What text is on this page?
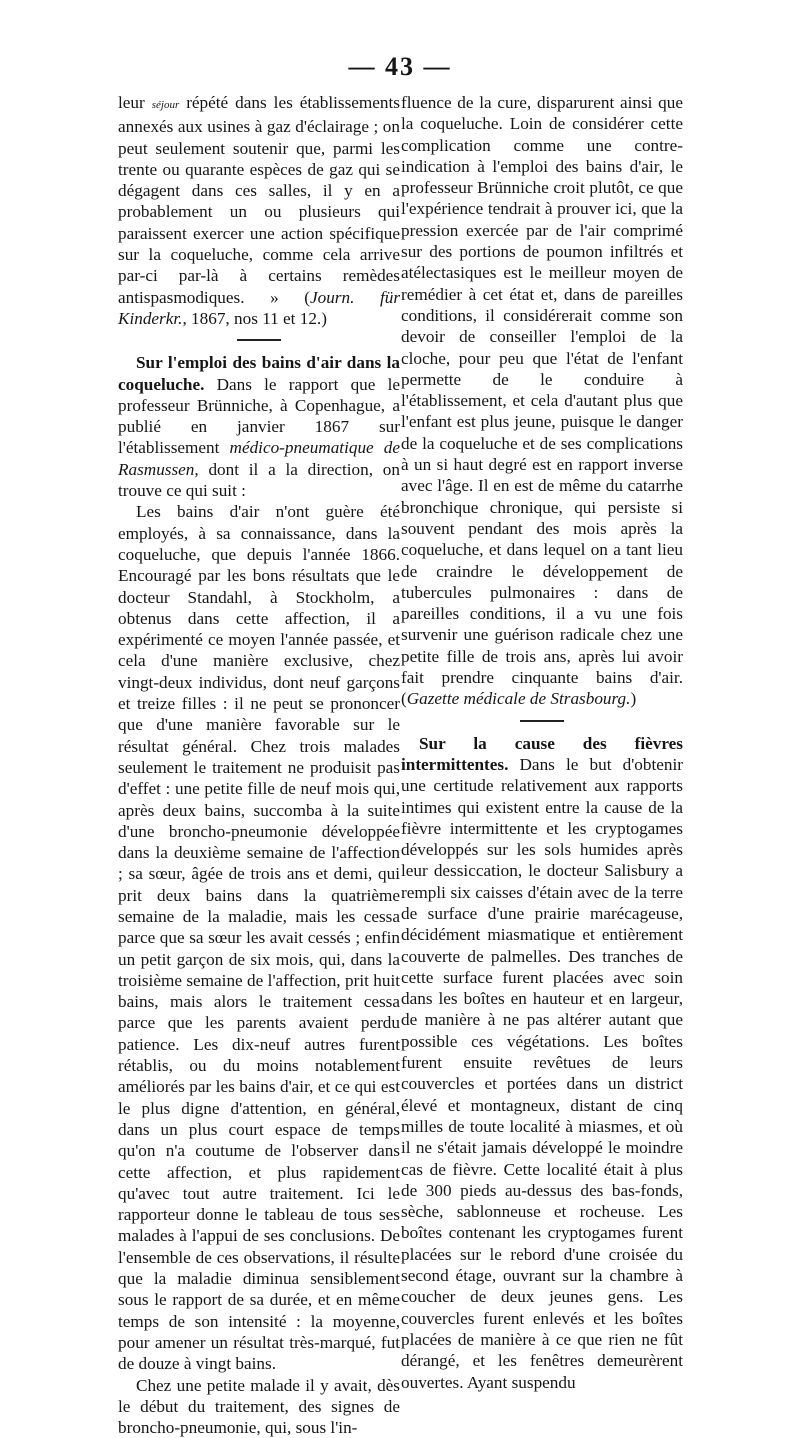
— 43 —

leur séjour répété dans les établissements annexés aux usines à gaz d'éclairage ; on peut seulement soutenir que, parmi les trente ou quarante espèces de gaz qui se dégagent dans ces salles, il y en a probablement un ou plusieurs qui paraissent exercer une action spécifique sur la coqueluche, comme cela arrive par-ci par-là à certains remèdes antispasmodiques. » (Journ. für Kinderkr., 1867, nos 11 et 12.)

Sur l'emploi des bains d'air dans la coqueluche. Dans le rapport que le professeur Brünniche, à Copenhague, a publié en janvier 1867 sur l'établissement médico-pneumatique de Rasmussen, dont il a la direction, on trouve ce qui suit :

Les bains d'air n'ont guère été employés, à sa connaissance, dans la coqueluche, que depuis l'année 1866. Encouragé par les bons résultats que le docteur Standahl, à Stockholm, a obtenus dans cette affection, il a expérimenté ce moyen l'année passée, et cela d'une manière exclusive, chez vingt-deux individus, dont neuf garçons et treize filles : il ne peut se prononcer que d'une manière favorable sur le résultat général. Chez trois malades seulement le traitement ne produisit pas d'effet : une petite fille de neuf mois qui, après deux bains, succomba à la suite d'une broncho-pneumonie développée dans la deuxième semaine de l'affection ; sa sœur, âgée de trois ans et demi, qui prit deux bains dans la quatrième semaine de la maladie, mais les cessa parce que sa sœur les avait cessés ; enfin un petit garçon de six mois, qui, dans la troisième semaine de l'affection, prit huit bains, mais alors le traitement cessa parce que les parents avaient perdu patience. Les dix-neuf autres furent rétablis, ou du moins notablement améliorés par les bains d'air, et ce qui est le plus digne d'attention, en général, dans un plus court espace de temps qu'on n'a coutume de l'observer dans cette affection, et plus rapidement qu'avec tout autre traitement. Ici le rapporteur donne le tableau de tous ses malades à l'appui de ses conclusions. De l'ensemble de ces observations, il résulte que la maladie diminua sensiblement sous le rapport de sa durée, et en même temps de son intensité : la moyenne, pour amener un résultat très-marqué, fut de douze à vingt bains.

Chez une petite malade il y avait, dès le début du traitement, des signes de broncho-pneumonie, qui, sous l'in-

fluence de la cure, disparurent ainsi que la coqueluche. Loin de considérer cette complication comme une contre-indication à l'emploi des bains d'air, le professeur Brünniche croit plutôt, ce que l'expérience tendrait à prouver ici, que la pression exercée par de l'air comprimé sur des portions de poumon infiltrés et atélectasiques est le meilleur moyen de remédier à cet état et, dans de pareilles conditions, il considérerait comme son devoir de conseiller l'emploi de la cloche, pour peu que l'état de l'enfant permette de le conduire à l'établissement, et cela d'autant plus que l'enfant est plus jeune, puisque le danger de la coqueluche et de ses complications à un si haut degré est en rapport inverse avec l'âge. Il en est de même du catarrhe bronchique chronique, qui persiste si souvent pendant des mois après la coqueluche, et dans lequel on a tant lieu de craindre le développement de tubercules pulmonaires : dans de pareilles conditions, il a vu une fois survenir une guérison radicale chez une petite fille de trois ans, après lui avoir fait prendre cinquante bains d'air. (Gazette médicale de Strasbourg.)

Sur la cause des fièvres intermittentes. Dans le but d'obtenir une certitude relativement aux rapports intimes qui existent entre la cause de la fièvre intermittente et les cryptogames développés sur les sols humides après leur dessiccation, le docteur Salisbury a rempli six caisses d'étain avec de la terre de surface d'une prairie marécageuse, décidément miasmatique et entièrement couverte de palmelles. Des tranches de cette surface furent placées avec soin dans les boîtes en hauteur et en largeur, de manière à ne pas altérer autant que possible ces végétations. Les boîtes furent ensuite revêtues de leurs couvercles et portées dans un district élevé et montagneux, distant de cinq milles de toute localité à miasmes, et où il ne s'était jamais développé le moindre cas de fièvre. Cette localité était à plus de 300 pieds au-dessus des bas-fonds, sèche, sablonneuse et rocheuse. Les boîtes contenant les cryptogames furent placées sur le rebord d'une croisée du second étage, ouvrant sur la chambre à coucher de deux jeunes gens. Les couvercles furent enlevés et les boîtes placées de manière à ce que rien ne fût dérangé, et les fenêtres demeurèrent ouvertes. Ayant suspendu
